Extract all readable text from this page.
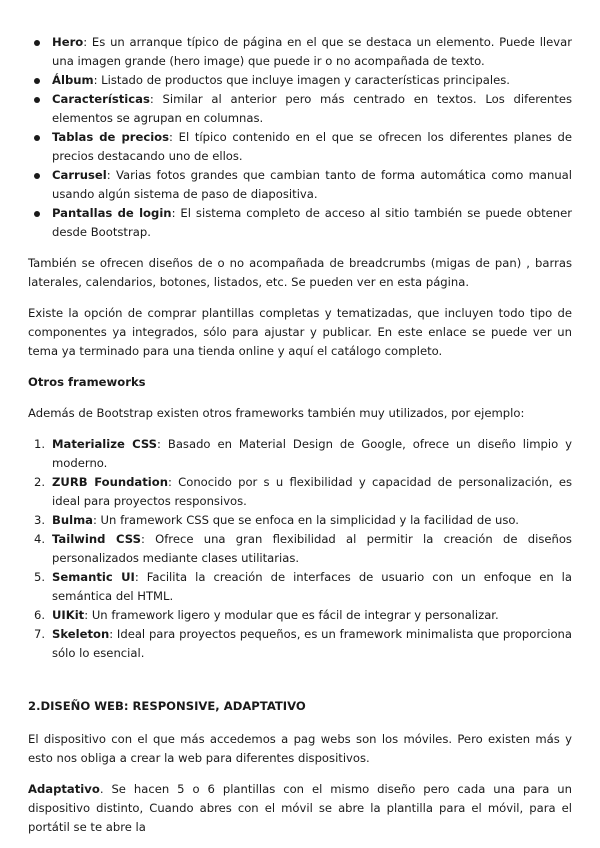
Hero: Es un arranque típico de página en el que se destaca un elemento. Puede llevar una imagen grande (hero image) que puede ir o no acompañada de texto.
Álbum: Listado de productos que incluye imagen y características principales.
Características: Similar al anterior pero más centrado en textos. Los diferentes elementos se agrupan en columnas.
Tablas de precios: El típico contenido en el que se ofrecen los diferentes planes de precios destacando uno de ellos.
Carrusel: Varias fotos grandes que cambian tanto de forma automática como manual usando algún sistema de paso de diapositiva.
Pantallas de login: El sistema completo de acceso al sitio también se puede obtener desde Bootstrap.

También se ofrecen diseños de o no acompañada de breadcrumbs (migas de pan) , barras laterales, calendarios, botones, listados, etc. Se pueden ver en esta página.

Existe la opción de comprar plantillas completas y tematizadas, que incluyen todo tipo de componentes ya integrados, sólo para ajustar y publicar. En este enlace se puede ver un tema ya terminado para una tienda online y aquí el catálogo completo.

Otros frameworks

Además de Bootstrap existen otros frameworks también muy utilizados, por ejemplo:

1. Materialize CSS: Basado en Material Design de Google, ofrece un diseño limpio y moderno.
2. ZURB Foundation: Conocido por s u flexibilidad y capacidad de personalización, es ideal para proyectos responsivos.
3. Bulma: Un framework CSS que se enfoca en la simplicidad y la facilidad de uso.
4. Tailwind CSS: Ofrece una gran flexibilidad al permitir la creación de diseños personalizados mediante clases utilitarias.
5. Semantic UI: Facilita la creación de interfaces de usuario con un enfoque en la semántica del HTML.
6. UIKit: Un framework ligero y modular que es fácil de integrar y personalizar.
7. Skeleton: Ideal para proyectos pequeños, es un framework minimalista que proporciona sólo lo esencial.

2.DISEÑO WEB: RESPONSIVE, ADAPTATIVO

El dispositivo con el que más accedemos a pag webs son los móviles. Pero existen más y esto nos obliga a crear la web para diferentes dispositivos.

Adaptativo. Se hacen 5 o 6 plantillas con el mismo diseño pero cada una para un dispositivo distinto, Cuando abres con el móvil se abre la plantilla para el móvil, para el portátil se te abre la
